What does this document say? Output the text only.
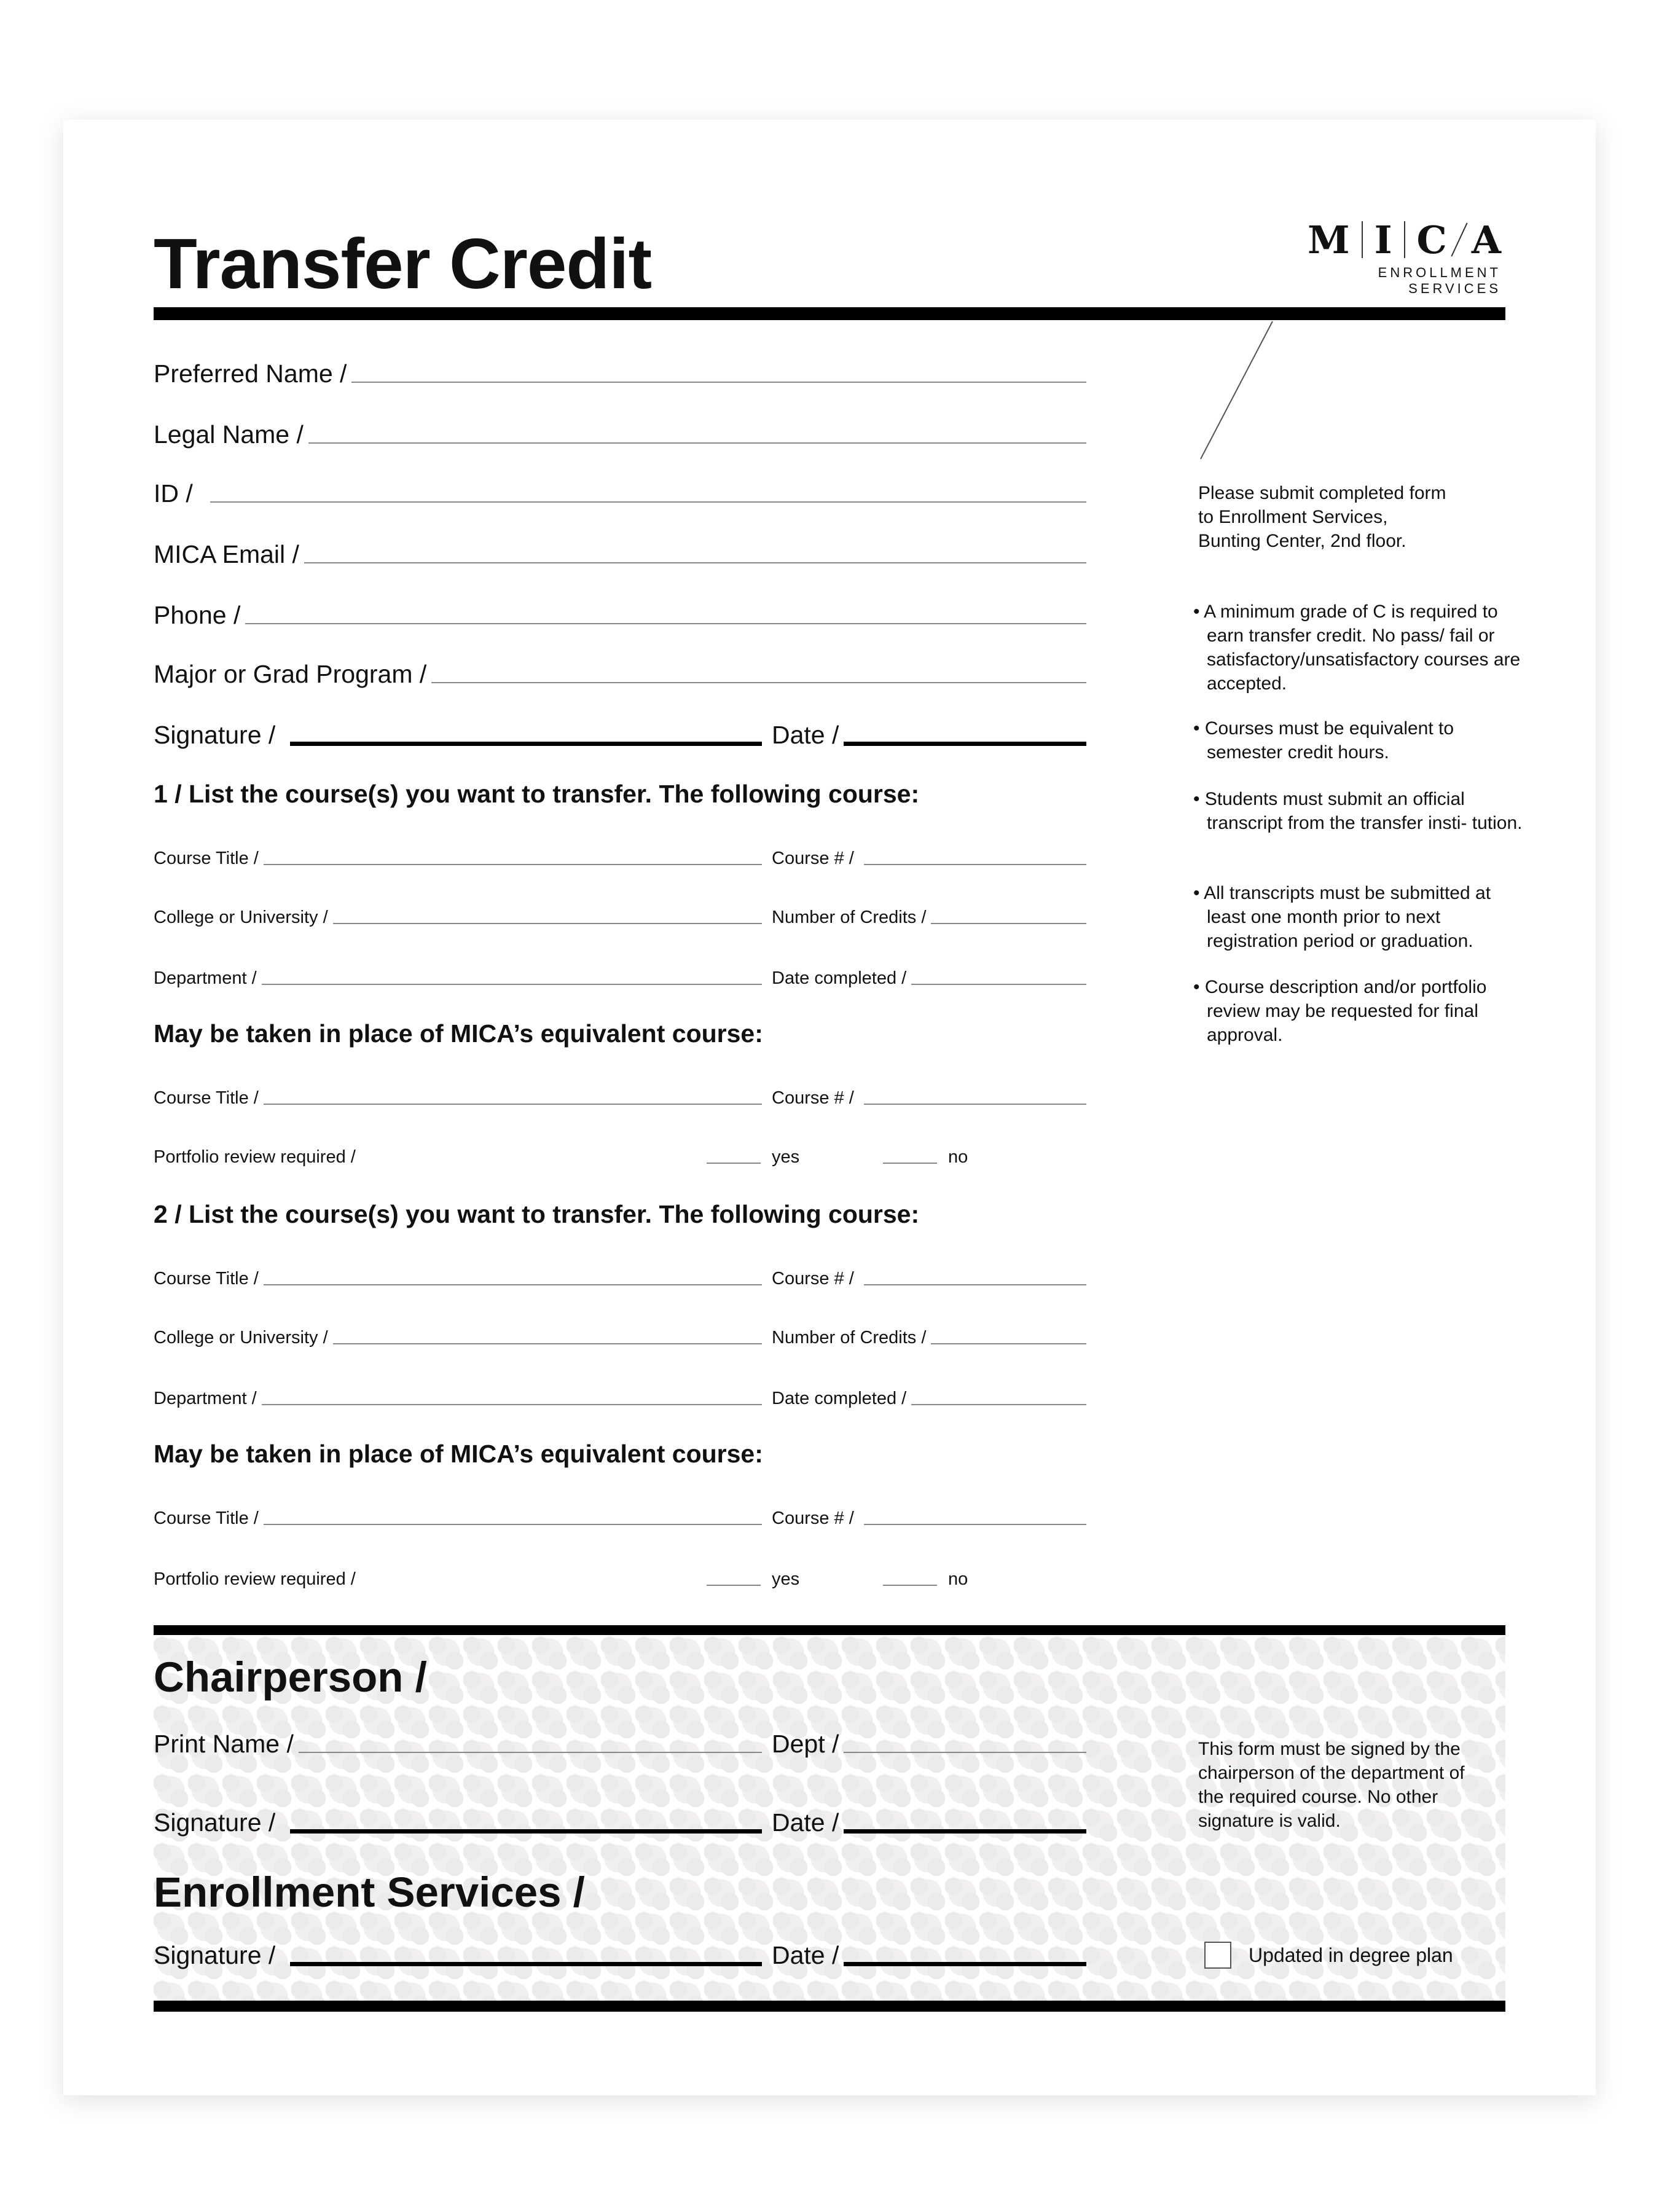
Transfer Credit	M I C A
ENROLLMENT SERVICES
Preferred Name /
Legal Name /
ID /
MICA Email /
Phone /
Major or Grad Program /
Signature /	Date /
1 / List the course(s) you want to transfer. The following course:
Course Title /	Course # /
College or University /	Number of Credits /
Department /	Date completed /
May be taken in place of MICA’s equivalent course:
Course Title /	Course # /
Portfolio review required /	yes	no
2 / List the course(s) you want to transfer. The following course:
Course Title /	Course # /
College or University /	Number of Credits /
Department /	Date completed /
May be taken in place of MICA’s equivalent course:
Course Title /	Course # /
Portfolio review required /	yes	no
Please submit completed form
to Enrollment Services,
Bunting Center, 2nd floor.
• A minimum grade of C is required to earn transfer credit. No pass/ fail or satisfactory/unsatisfactory courses are accepted.
• Courses must be equivalent to semester credit hours.
• Students must submit an official transcript from the transfer insti- tution.
• All transcripts must be submitted at least one month prior to next registration period or graduation.
• Course description and/or portfolio review may be requested for final approval.
Chairperson /
Print Name /	Dept /
Signature /	Date /
This form must be signed by the chairperson of the department of the required course. No other signature is valid.
Enrollment Services /
Signature /	Date /	Updated in degree plan
